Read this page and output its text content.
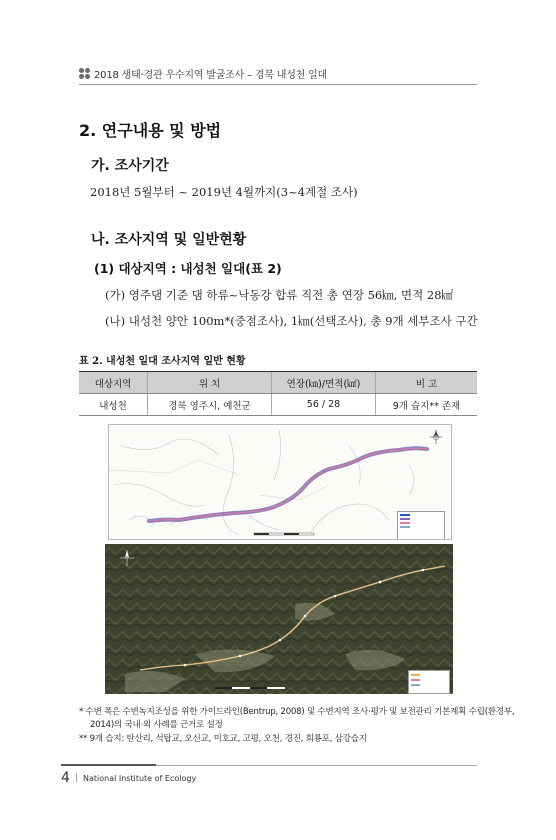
2018 생태·경관 우수지역 발굴조사 – 경북 내성천 일대
2. 연구내용 및 방법
가. 조사기간
2018년 5월부터 ~ 2019년 4월까지(3~4계절 조사)
나. 조사지역 및 일반현황
(1) 대상지역 : 내성천 일대(표 2)
(가) 영주댐 기준 댐 하류~낙동강 합류 직전 총 연장 56㎞, 면적 28㎢
(나) 내성천 양안 100m*(중점조사), 1㎞(선택조사), 총 9개 세부조사 구간
표 2. 내성천 일대 조사지역 일반 현황
대상지역	위 치	연장(㎞)/면적(㎢)	비 고
내성천	경북 영주시, 예천군	56 / 28	9개 습지** 존재
* 수변 폭은 수변녹지조성을 위한 가이드라인(Bentrup, 2008) 및 수변지역 조사·평가 및 보전관리 기본계획 수립(환경부,
2014)의 국내·외 사례를 근거로 설정
** 9개 습지: 탄산리, 석탑교, 오신교, 미호교, 고평, 오천, 경진, 회룡포, 삼강습지
4 | National Institute of Ecology
